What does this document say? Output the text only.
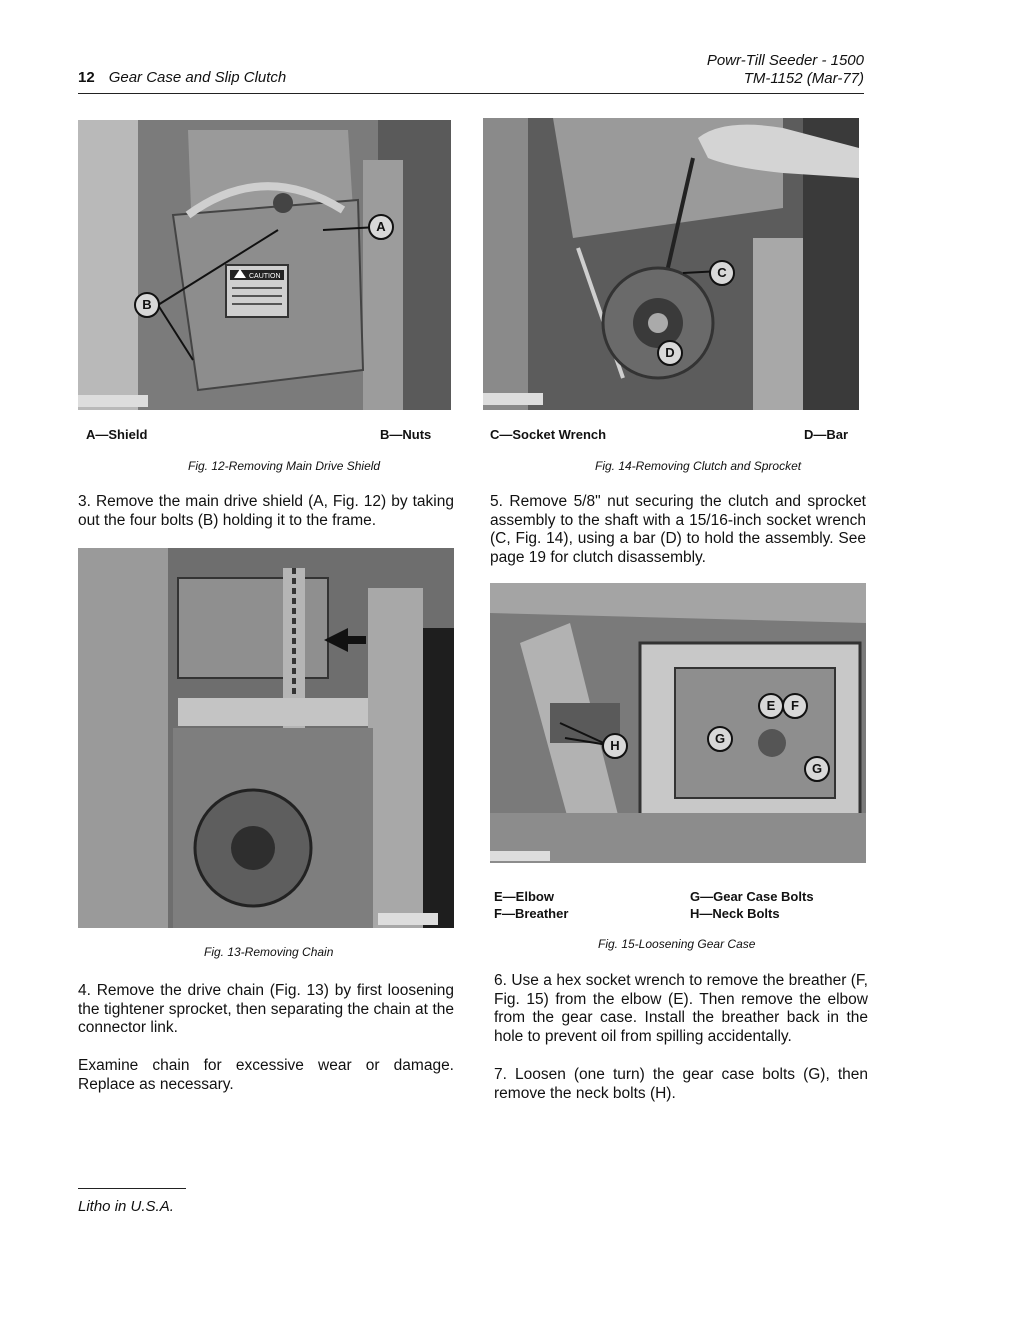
12 Gear Case and Slip Clutch
Powr-Till Seeder - 1500
TM-1152 (Mar-77)
CAUTION
A
B
A—Shield	B—Nuts
Fig. 12-Removing Main Drive Shield
3. Remove the main drive shield (A, Fig. 12) by taking out the four bolts (B) holding it to the frame.
C
D
C—Socket Wrench	D—Bar
Fig. 14-Removing Clutch and Sprocket
5. Remove 5/8" nut securing the clutch and sprocket assembly to the shaft with a 15/16-inch socket wrench (C, Fig. 14), using a bar (D) to hold the assembly. See page 19 for clutch disassembly.
Fig. 13-Removing Chain
4. Remove the drive chain (Fig. 13) by first loosening the tightener sprocket, then separating the chain at the connector link.
Examine chain for excessive wear or damage. Replace as necessary.
E	F
G
G
H
E—Elbow
F—Breather
G—Gear Case Bolts
H—Neck Bolts
Fig. 15-Loosening Gear Case
6. Use a hex socket wrench to remove the breather (F, Fig. 15) from the elbow (E). Then remove the elbow from the gear case. Install the breather back in the hole to prevent oil from spilling accidentally.
7. Loosen (one turn) the gear case bolts (G), then remove the neck bolts (H).
Litho in U.S.A.
